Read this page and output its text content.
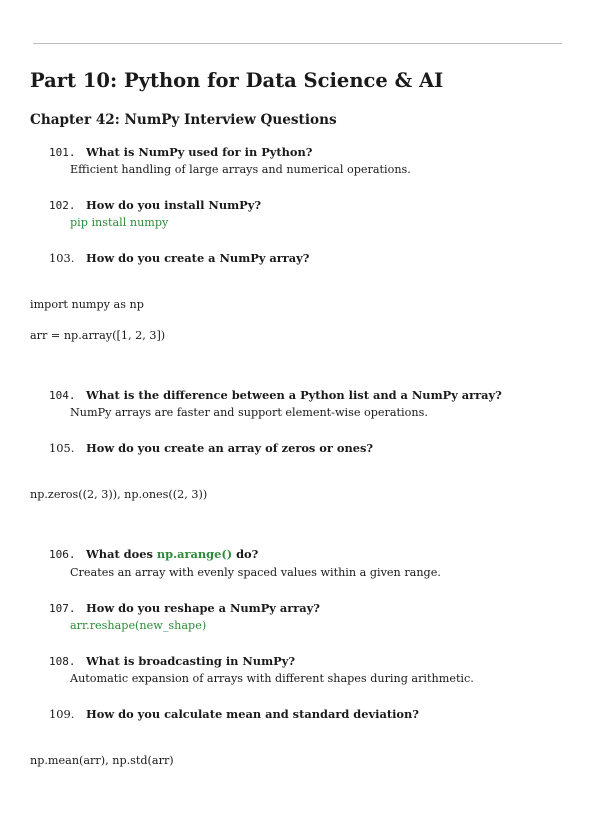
Part 10: Python for Data Science & AI
Chapter 42: NumPy Interview Questions
101. What is NumPy used for in Python?
Efficient handling of large arrays and numerical operations.
102. How do you install NumPy?
pip install numpy
103. How do you create a NumPy array?
import numpy as np
arr = np.array([1, 2, 3])
104. What is the difference between a Python list and a NumPy array?
NumPy arrays are faster and support element-wise operations.
105. How do you create an array of zeros or ones?
np.zeros((2, 3)), np.ones((2, 3))
106. What does np.arange() do?
Creates an array with evenly spaced values within a given range.
107. How do you reshape a NumPy array?
arr.reshape(new_shape)
108. What is broadcasting in NumPy?
Automatic expansion of arrays with different shapes during arithmetic.
109. How do you calculate mean and standard deviation?
np.mean(arr), np.std(arr)
